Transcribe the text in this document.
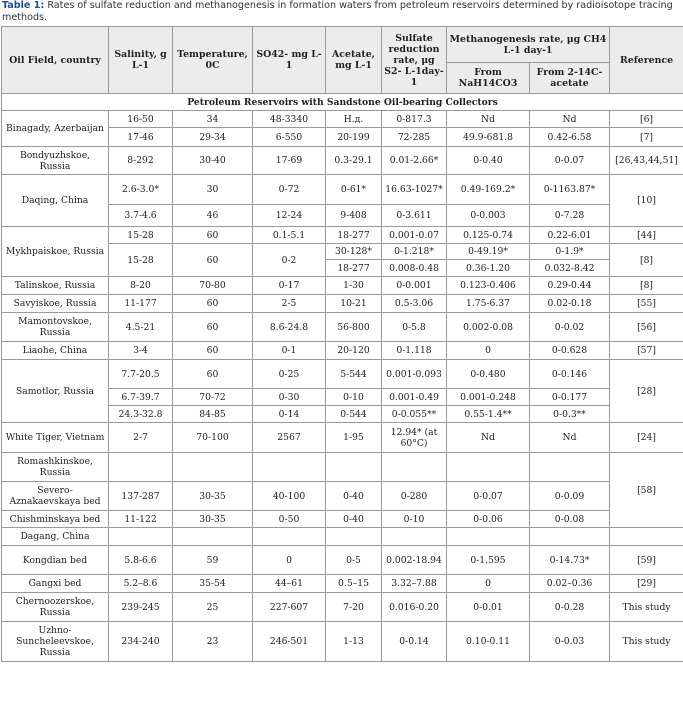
Table 1: Rates of sulfate reduction and methanogenesis in formation waters from petroleum reservoirs determined by radioisotope tracing methods.
Oil Field, country	Salinity, g L-1	Temperature, 0C	SO42- mg L-1	Acetate, mg L-1	Sulfate reduction rate, μg S2- L-1day-1	Methanogenesis rate, μg CH4 L-1 day-1		Reference
						From NaH14CO3	From 2-14C-acetate	
Petroleum Reservoirs with Sandstone Oil-bearing Collectors								
Binagady, Azerbaijan	16-50	34	48-3340	Н.д.	0-817.3	Nd	Nd	[6]
	17-46	29-34	6-550	20-199	72-285	49.9-681.8	0.42-6.58	[7]
Bondyuzhskoe, Russia	8-292	30-40	17-69	0.3-29.1	0.01-2.66*	0-0.40	0-0.07	[26,43,44,51]
Daqing, China	2.6-3.0*	30	0-72	0-61*	16.63-1027*	0.49-169.2*	0-1163.87*	[10]
	3.7-4.6	46	12-24	9-408	0-3.611	0-0.003	0-7.28	
Mykhpaiskoe, Russia	15-28	60	0.1-5.1	18-277	0.001-0.07	0.125-0.74	0.22-6.01	[44]
	15-28	60	0-2	30-128*	0-1.218*	0-49.19*	0-1.9*	[8]
				18-277	0.008-0.48	0.36-1.20	0.032-8.42	
Talinskoe, Russia	8-20	70-80	0-17	1-30	0-0.001	0.123-0.406	0.29-0.44	[8]
Savyiskoe, Russia	11-177	60	2-5	10-21	0.5-3.06	1.75-6.37	0.02-0.18	[55]
Mamontovskoe, Russia	4.5-21	60	8.6-24.8	56-800	0-5.8	0.002-0.08	0-0.02	[56]
Liaohe, China	3-4	60	0-1	20-120	0-1.118	0	0-0.628	[57]
Samotlor, Russia	7.7-20.5	60	0-25	5-544	0.001-0.093	0-0.480	0-0.146	[28]
	6.7-39.7	70-72	0-30	0-10	0.001-0.49	0.001-0.248	0-0.177	
	24.3-32.8	84-85	0-14	0-544	0-0.055**	0.55-1.4**	0-0.3**	
White Tiger, Vietnam	2-7	70-100	2567	1-95	12.94* (at 60°C)	Nd	Nd	[24]
Romashkinskoe, Russia								[58]
Severo-Aznakaevskaya bed	137-287	30-35	40-100	0-40	0-280	0-0.07	0-0.09	
Chishminskaya bed	11-122	30-35	0-50	0-40	0-10	0-0.06	0-0.08	
Dagang, China								
Kongdian bed	5.8-6.6	59	0	0-5	0.002-18.94	0-1.595	0-14.73*	[59]
Gangxi bed	5.2–8.6	35-54	44–61	0.5–15	3.32–7.88	0	0.02–0.36	[29]
Chernoozerskoe, Russia	239-245	25	227-607	7-20	0.016-0.20	0-0.01	0-0.28	This study
Uzhno-Suncheleevskoe, Russia	234-240	23	246-501	1-13	0-0.14	0.10-0.11	0-0.03	This study
